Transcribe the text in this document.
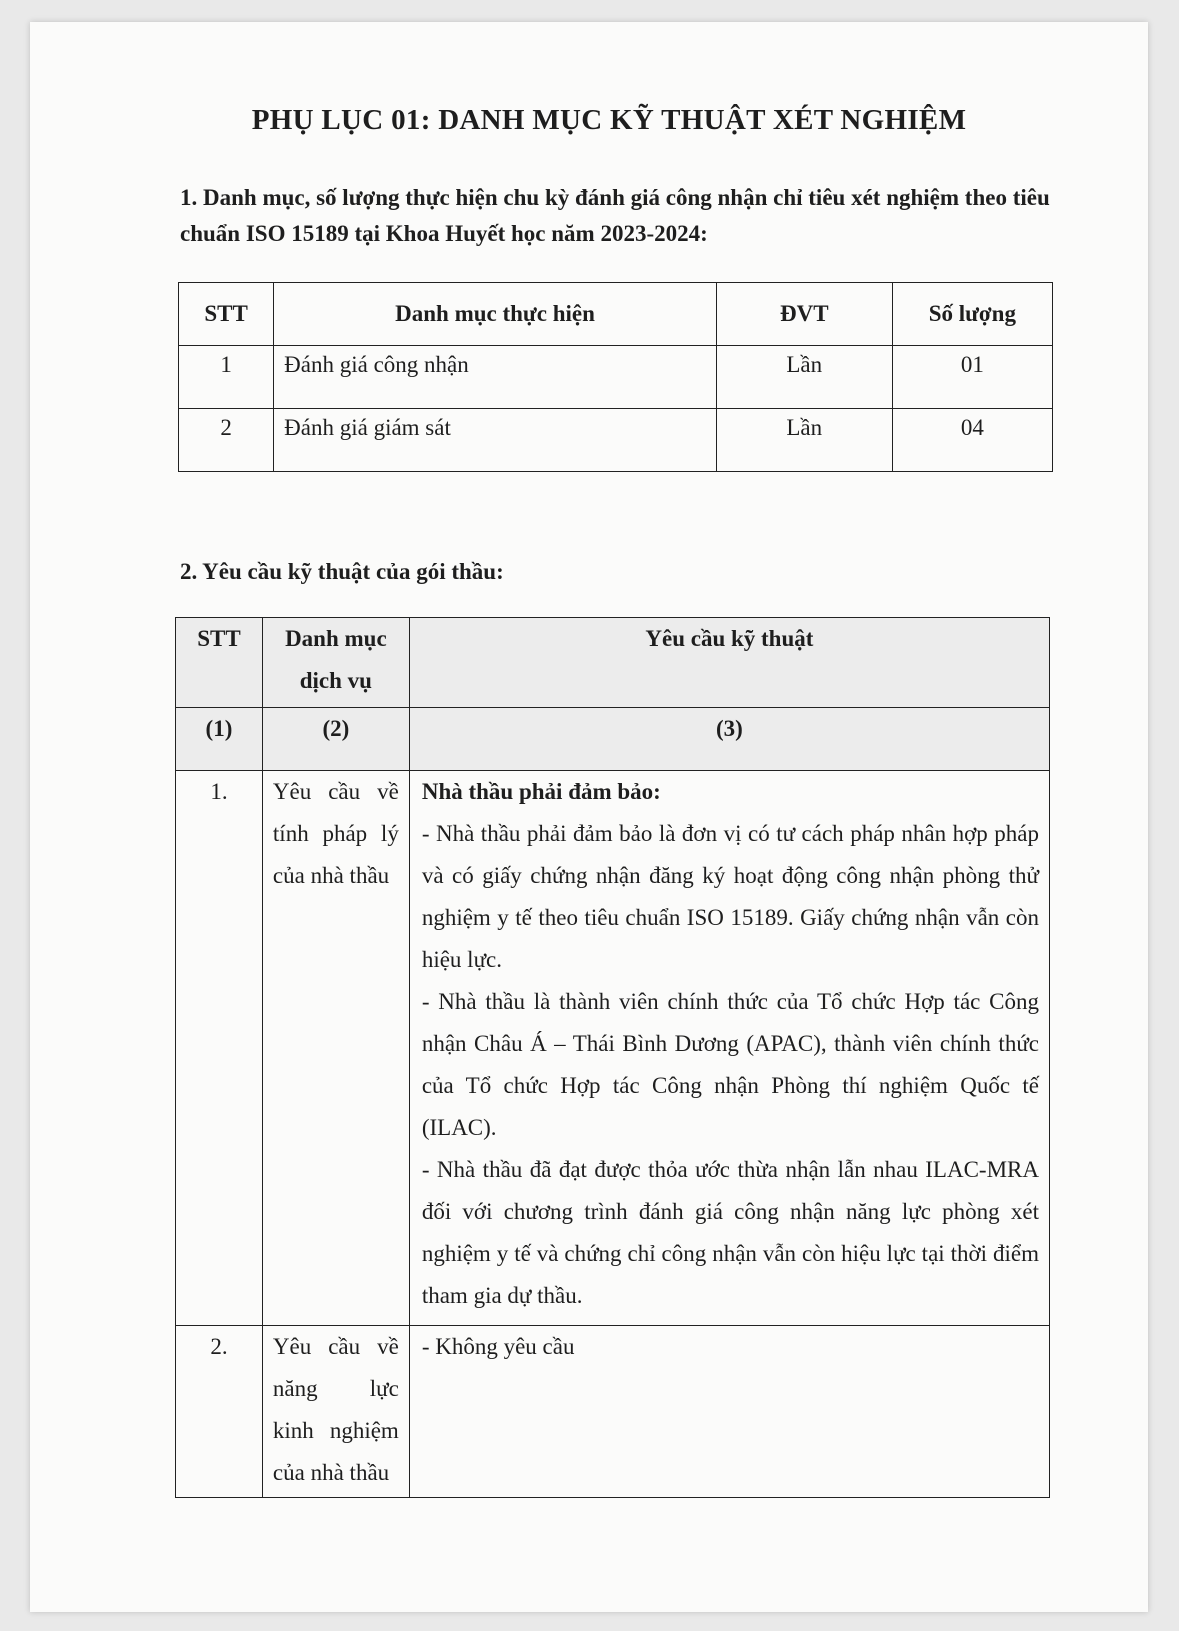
PHỤ LỤC 01: DANH MỤC KỸ THUẬT XÉT NGHIỆM
1. Danh mục, số lượng thực hiện chu kỳ đánh giá công nhận chỉ tiêu xét nghiệm theo tiêu chuẩn ISO 15189 tại Khoa Huyết học năm 2023-2024:
STT	Danh mục thực hiện	ĐVT	Số lượng
1	Đánh giá công nhận	Lần	01
2	Đánh giá giám sát	Lần	04
2. Yêu cầu kỹ thuật của gói thầu:
STT	Danh mục dịch vụ	Yêu cầu kỹ thuật
(1)	(2)	(3)
1.	Yêu cầu về tính pháp lý của nhà thầu	Nhà thầu phải đảm bảo:

- Nhà thầu phải đảm bảo là đơn vị có tư cách pháp nhân hợp pháp và có giấy chứng nhận đăng ký hoạt động công nhận phòng thử nghiệm y tế theo tiêu chuẩn ISO 15189. Giấy chứng nhận vẫn còn hiệu lực.

- Nhà thầu là thành viên chính thức của Tổ chức Hợp tác Công nhận Châu Á – Thái Bình Dương (APAC), thành viên chính thức của Tổ chức Hợp tác Công nhận Phòng thí nghiệm Quốc tế (ILAC).

- Nhà thầu đã đạt được thỏa ước thừa nhận lẫn nhau ILAC-MRA đối với chương trình đánh giá công nhận năng lực phòng xét nghiệm y tế và chứng chỉ công nhận vẫn còn hiệu lực tại thời điểm tham gia dự thầu.

2.	Yêu cầu về năng lực kinh nghiệm của nhà thầu	- Không yêu cầu
